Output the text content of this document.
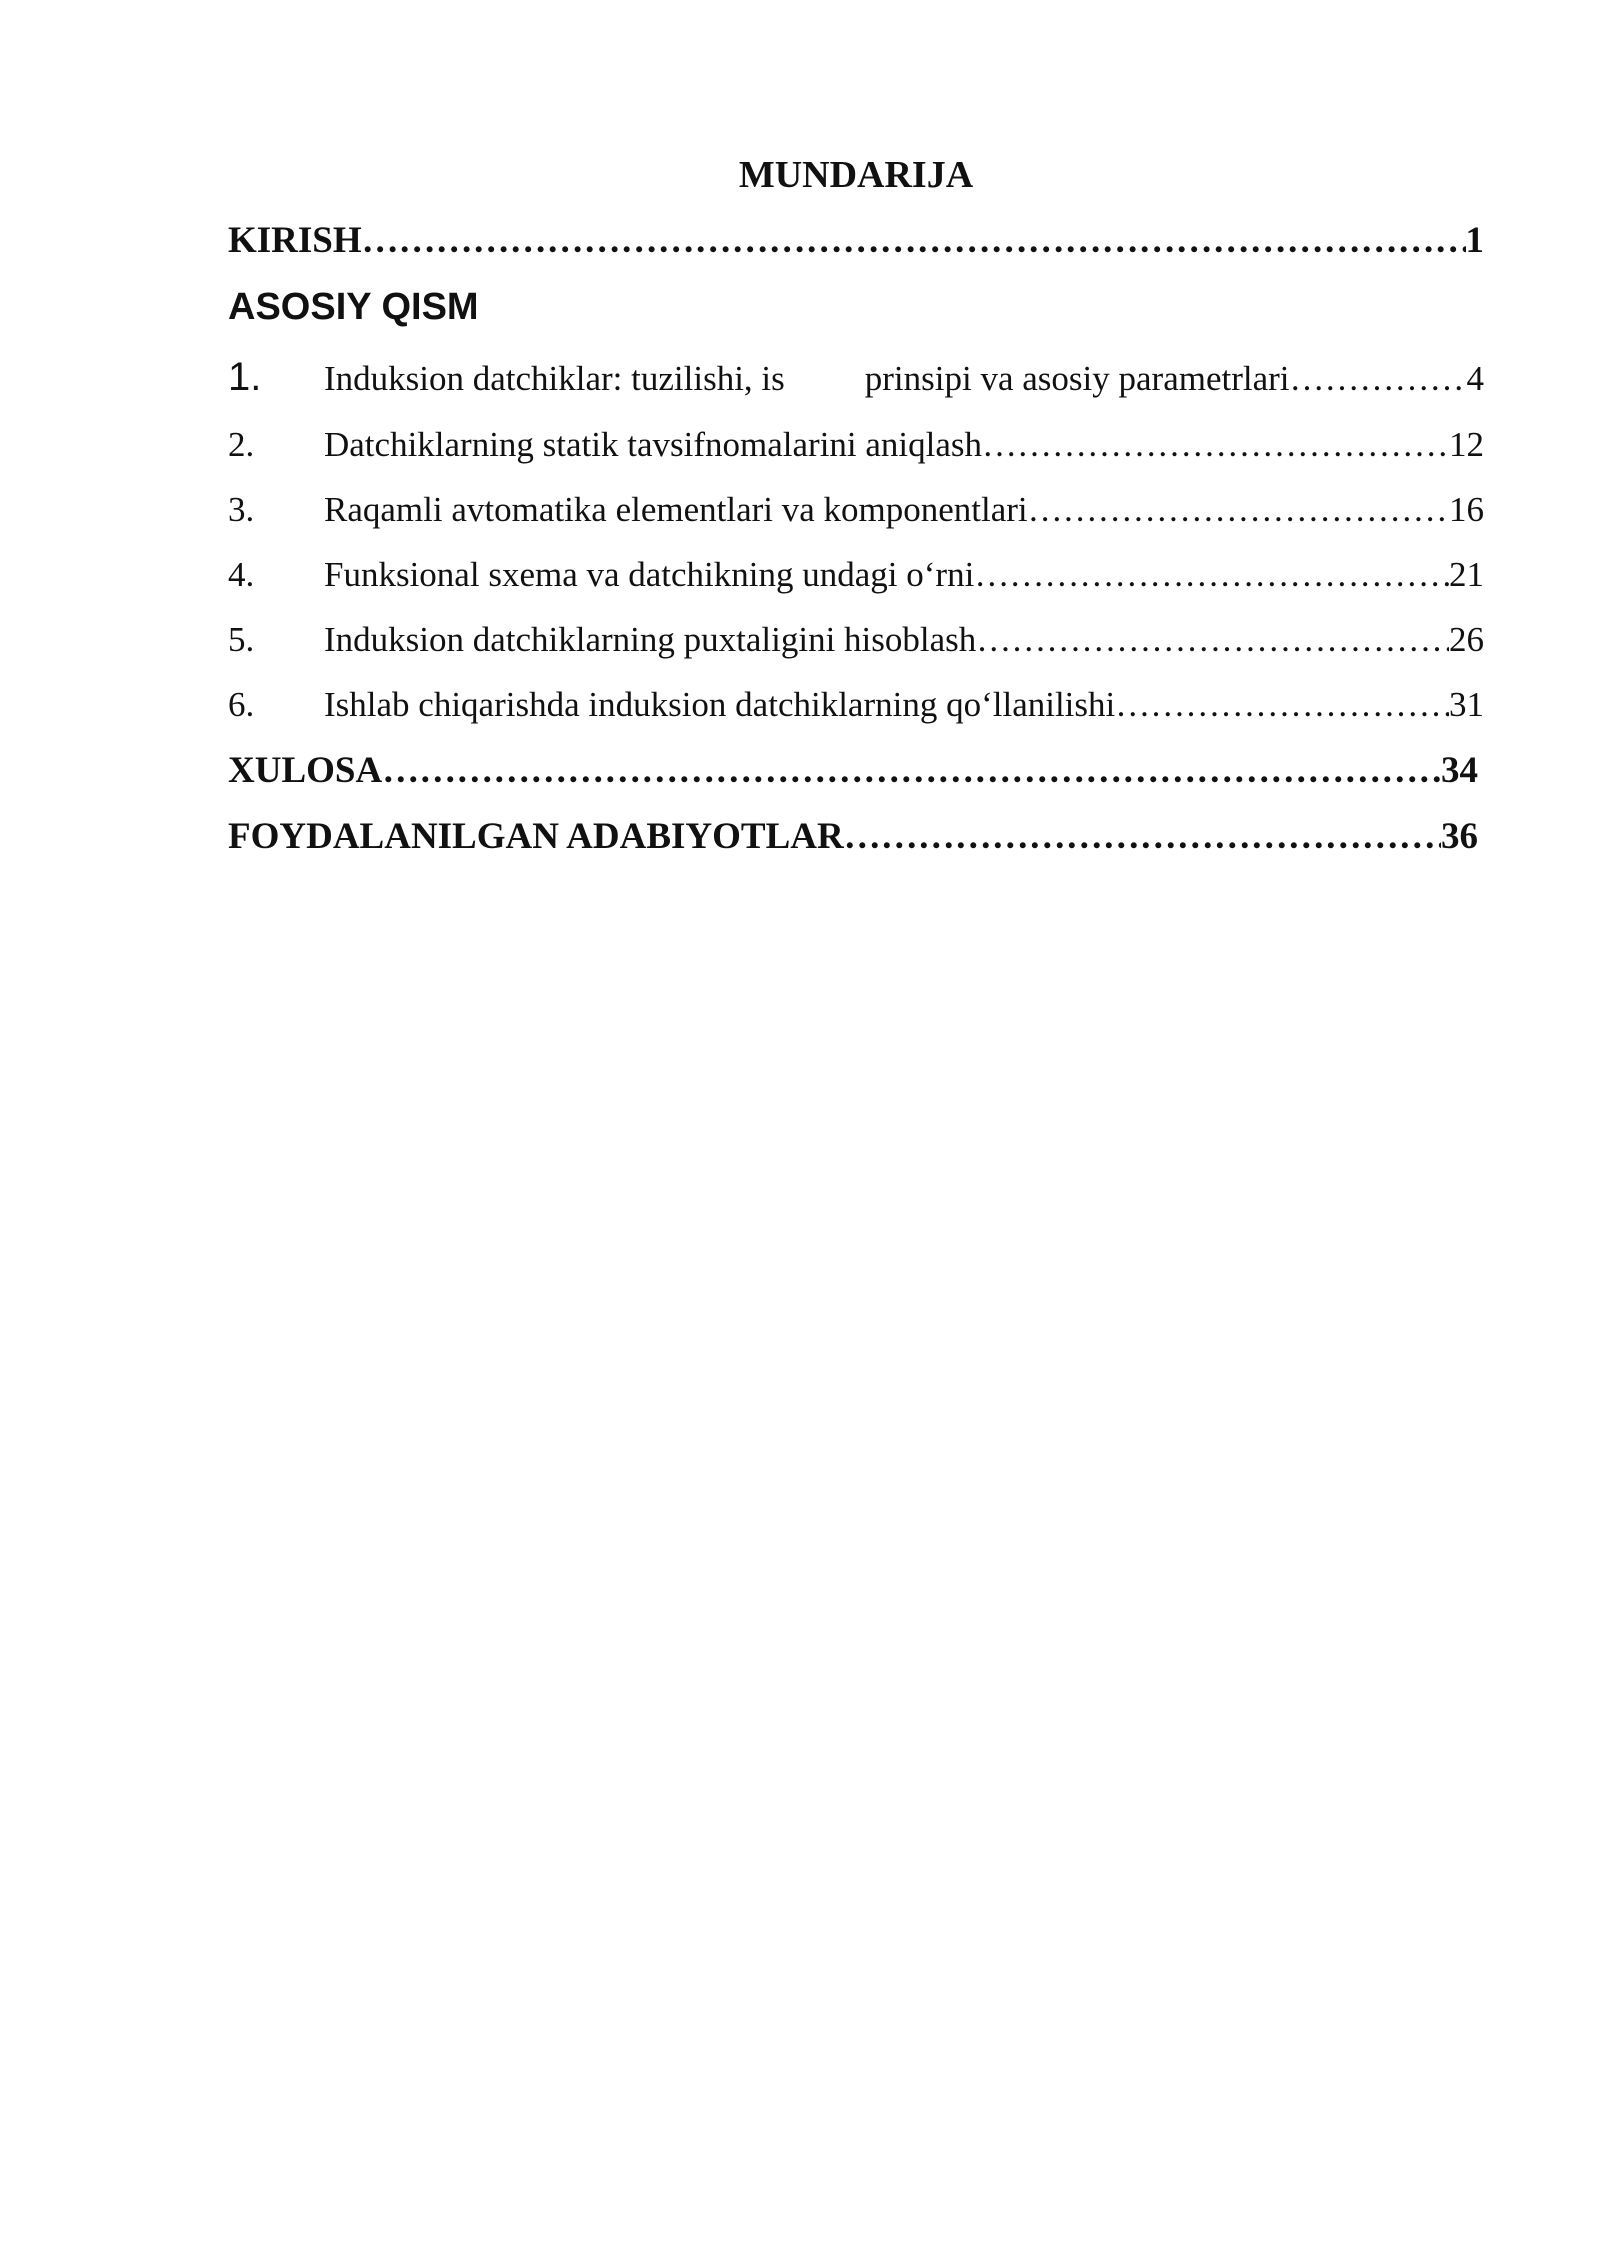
MUNDARIJA
KIRISH …………………………………………………………………………………………………………………………………………………………………………	1
ASOSIY QISM
1.	Induksion datchiklar: tuzilishi, is prinsipi va asosiy parametrlari …………………………………………………………………………………………………………………………………………………………………………	4
2.	Datchiklarning statik tavsifnomalarini aniqlash …………………………………………………………………………………………………………………………………………………………………………	12
3.	Raqamli avtomatika elementlari va komponentlari …………………………………………………………………………………………………………………………………………………………………………	16
4.	Funksional sxema va datchikning undagi o‘rni …………………………………………………………………………………………………………………………………………………………………………	21
5.	Induksion datchiklarning puxtaligini hisoblash …………………………………………………………………………………………………………………………………………………………………………	26
6.	Ishlab chiqarishda induksion datchiklarning qo‘llanilishi …………………………………………………………………………………………………………………………………………………………………………	31
XULOSA …………………………………………………………………………………………………………………………………………………………………………	34
FOYDALANILGAN ADABIYOTLAR …………………………………………………………………………………………………………………………………………………………………………	36
